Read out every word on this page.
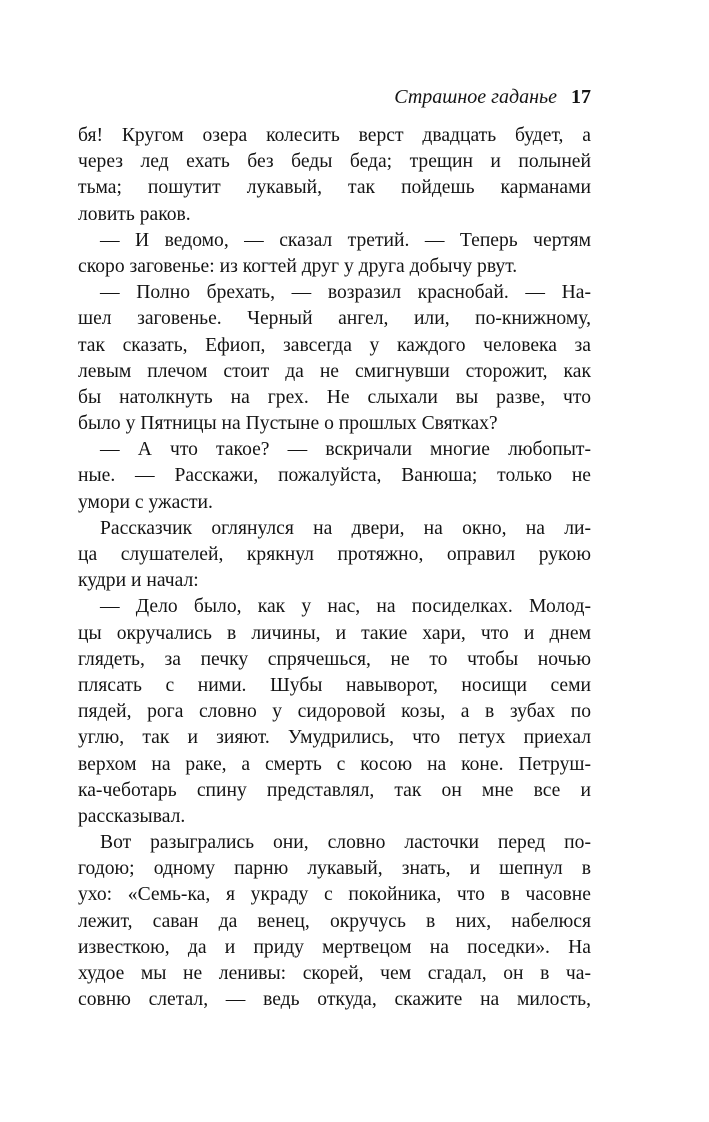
Страшное гаданье 17
бя! Кругом озера колесить верст двадцать будет, а
через лед ехать без беды беда; трещин и полыней
тьма; пошутит лукавый, так пойдешь карманами
ловить раков.
— И ведомо, — сказал третий. — Теперь чертям
скоро заговенье: из когтей друг у друга добычу рвут.
— Полно брехать, — возразил краснобай. — На-
шел заговенье. Черный ангел, или, по-книжному,
так сказать, Ефиоп, завсегда у каждого человека за
левым плечом стоит да не смигнувши сторожит, как
бы натолкнуть на грех. Не слыхали вы разве, что
было у Пятницы на Пустыне о прошлых Святках?
— А что такое? — вскричали многие любопыт-
ные. — Расскажи, пожалуйста, Ванюша; только не
умори с ужасти.
Рассказчик оглянулся на двери, на окно, на ли-
ца слушателей, крякнул протяжно, оправил рукою
кудри и начал:
— Дело было, как у нас, на посиделках. Молод-
цы окручались в личины, и такие хари, что и днем
глядеть, за печку спрячешься, не то чтобы ночью
плясать с ними. Шубы навыворот, носищи семи
пядей, рога словно у сидоровой козы, а в зубах по
углю, так и зияют. Умудрились, что петух приехал
верхом на раке, а смерть с косою на коне. Петруш-
ка-чеботарь спину представлял, так он мне все и
рассказывал.
Вот разыгрались они, словно ласточки перед по-
годою; одному парню лукавый, знать, и шепнул в
ухо: «Семь-ка, я украду с покойника, что в часовне
лежит, саван да венец, окручусь в них, набелюся
известкою, да и приду мертвецом на поседки». На
худое мы не ленивы: скорей, чем сгадал, он в ча-
совню слетал, — ведь откуда, скажите на милость,
